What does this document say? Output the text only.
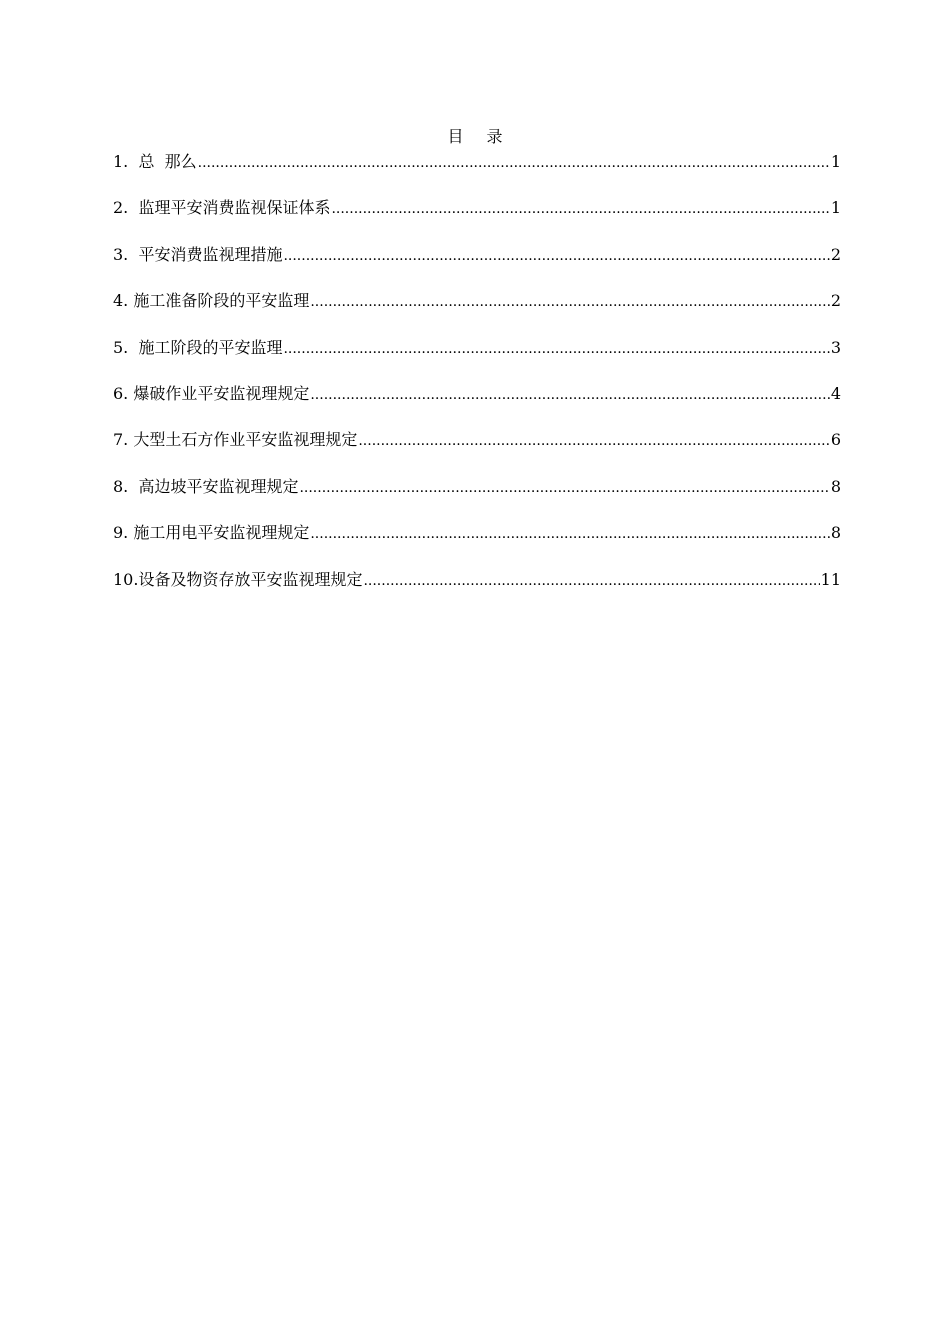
目 录
1.  总  那么 .....	1
2.  监理平安消费监视保证体系 .....	1
3.  平安消费监视理措施 .....	2
4. 施工准备阶段的平安监理 .....	2
5.  施工阶段的平安监理 .....	3
6. 爆破作业平安监视理规定 .....	4
7. 大型土石方作业平安监视理规定 .....	6
8.  高边坡平安监视理规定 .....	8
9. 施工用电平安监视理规定 .....	8
10.设备及物资存放平安监视理规定 .....	11
